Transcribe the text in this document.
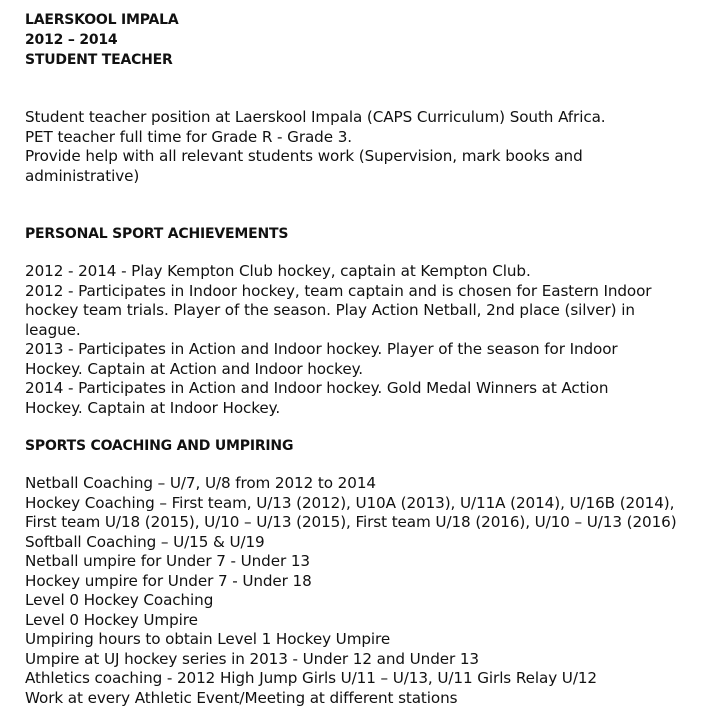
LAERSKOOL IMPALA
2012 – 2014
STUDENT TEACHER
Student teacher position at Laerskool Impala (CAPS Curriculum) South Africa.
PET teacher full time for Grade R - Grade 3.
Provide help with all relevant students work (Supervision, mark books and administrative)
PERSONAL SPORT ACHIEVEMENTS
2012 - 2014 - Play Kempton Club hockey, captain at Kempton Club.
2012 - Participates in Indoor hockey, team captain and is chosen for Eastern Indoor hockey team trials. Player of the season. Play Action Netball, 2nd place (silver) in league.
2013 - Participates in Action and Indoor hockey. Player of the season for Indoor Hockey. Captain at Action and Indoor hockey.
2014 - Participates in Action and Indoor hockey. Gold Medal Winners at Action Hockey. Captain at Indoor Hockey.
SPORTS COACHING AND UMPIRING
Netball Coaching – U/7, U/8 from 2012 to 2014
Hockey Coaching – First team, U/13 (2012), U10A (2013), U/11A (2014), U/16B (2014), First team U/18 (2015), U/10 – U/13 (2015), First team U/18 (2016), U/10 – U/13 (2016)
Softball Coaching – U/15 & U/19
Netball umpire for Under 7 - Under 13
Hockey umpire for Under 7 - Under 18
Level 0 Hockey Coaching
Level 0 Hockey Umpire
Umpiring hours to obtain Level 1 Hockey Umpire
Umpire at UJ hockey series in 2013 - Under 12 and Under 13
Athletics coaching - 2012 High Jump Girls U/11 – U/13, U/11 Girls Relay U/12
Work at every Athletic Event/Meeting at different stations
